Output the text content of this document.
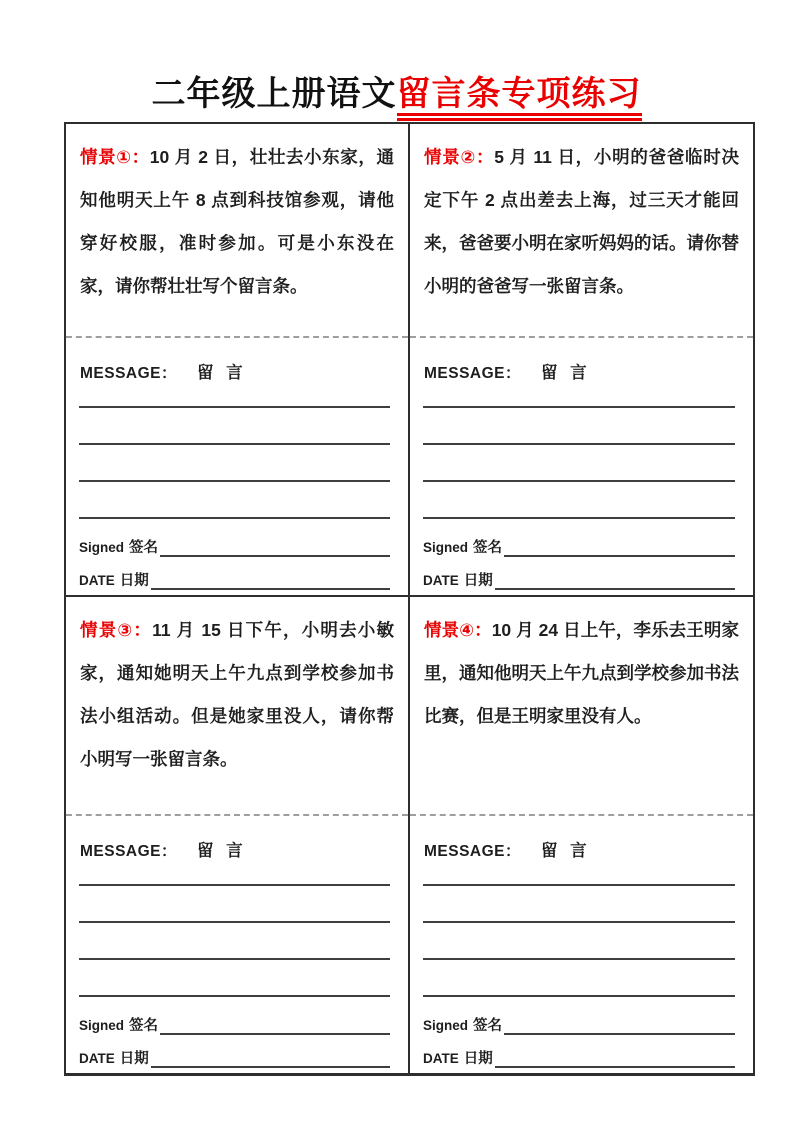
二年级上册语文留言条专项练习
情景①：10 月 2 日，壮壮去小东家，通知他明天上午 8 点到科技馆参观，请他穿好校服，准时参加。可是小东没在家，请你帮壮壮写个留言条。
MESSAGE： 留 言
Signed 签名
DATE 日期
情景②：5 月 11 日，小明的爸爸临时决定下午 2 点出差去上海，过三天才能回来，爸爸要小明在家听妈妈的话。请你替小明的爸爸写一张留言条。
MESSAGE： 留 言
Signed 签名
DATE 日期
情景③：11 月 15 日下午，小明去小敏家，通知她明天上午九点到学校参加书法小组活动。但是她家里没人，请你帮小明写一张留言条。
MESSAGE： 留 言
Signed 签名
DATE 日期
情景④：10 月 24 日上午，李乐去王明家里，通知他明天上午九点到学校参加书法比赛，但是王明家里没有人。
MESSAGE： 留 言
Signed 签名
DATE 日期
